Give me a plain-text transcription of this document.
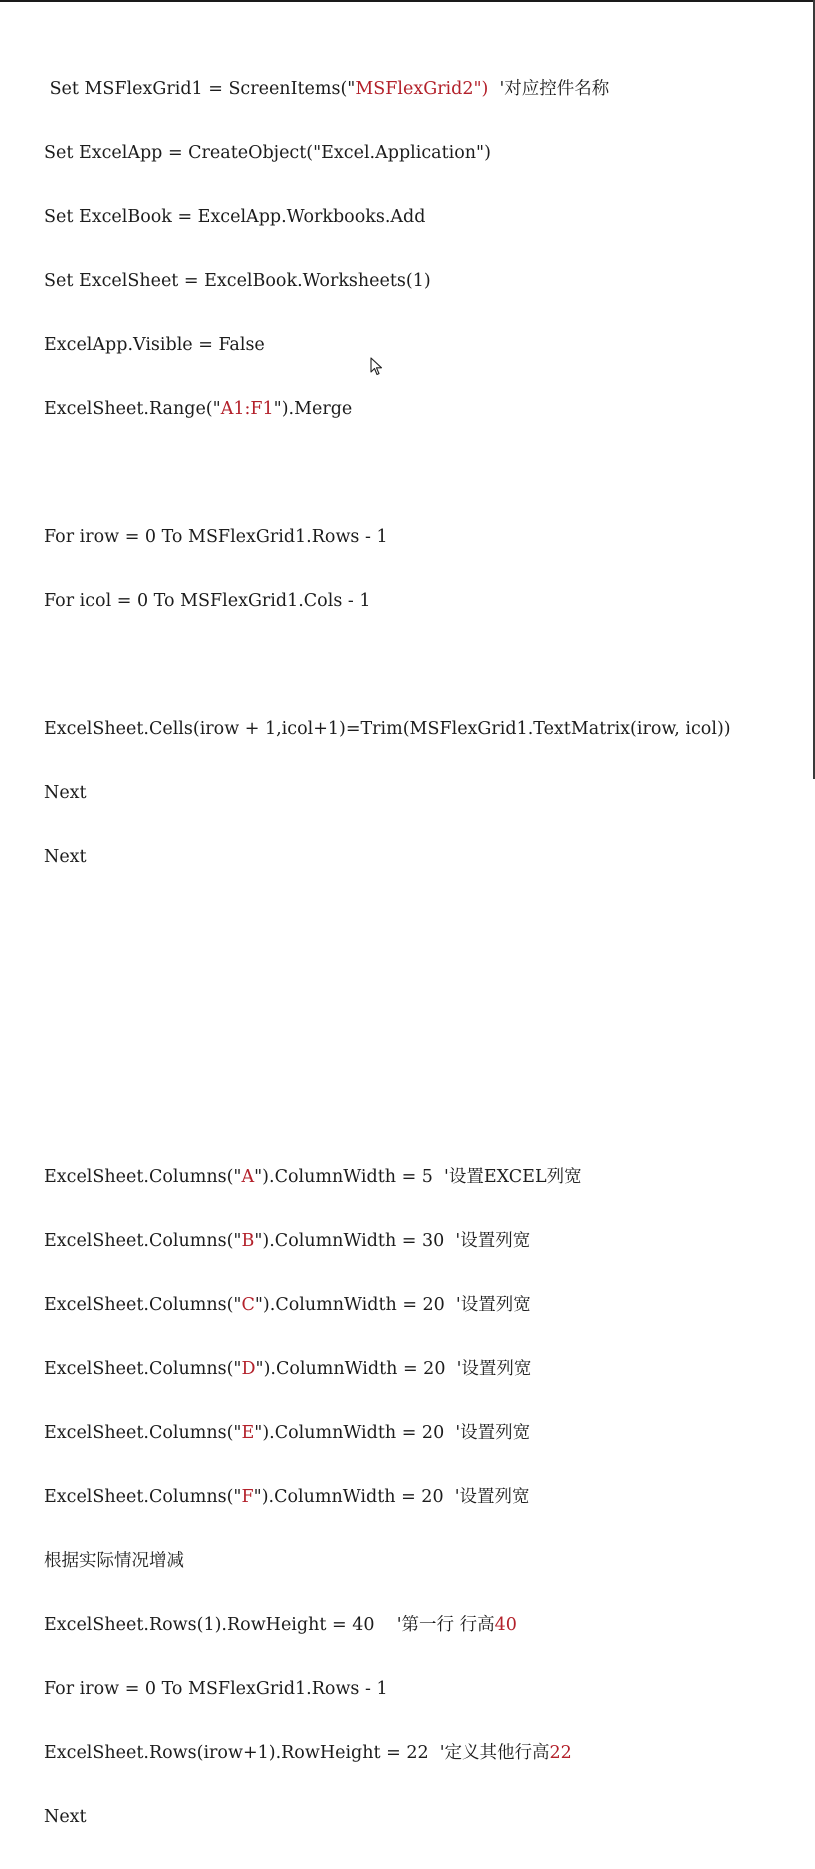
Set MSFlexGrid1 = ScreenItems("MSFlexGrid2")  '对应控件名称

Set ExcelApp = CreateObject("Excel.Application")

Set ExcelBook = ExcelApp.Workbooks.Add

Set ExcelSheet = ExcelBook.Worksheets(1)

ExcelApp.Visible = False

ExcelSheet.Range("A1:F1").Merge

For irow = 0 To MSFlexGrid1.Rows - 1

For icol = 0 To MSFlexGrid1.Cols - 1

ExcelSheet.Cells(irow + 1,icol+1)=Trim(MSFlexGrid1.TextMatrix(irow, icol))

Next

Next

ExcelSheet.Columns("A").ColumnWidth = 5  '设置EXCEL列宽

ExcelSheet.Columns("B").ColumnWidth = 30  '设置列宽

ExcelSheet.Columns("C").ColumnWidth = 20  '设置列宽

ExcelSheet.Columns("D").ColumnWidth = 20  '设置列宽

ExcelSheet.Columns("E").ColumnWidth = 20  '设置列宽

ExcelSheet.Columns("F").ColumnWidth = 20  '设置列宽

根据实际情况增减

ExcelSheet.Rows(1).RowHeight = 40    '第一行 行高40

For irow = 0 To MSFlexGrid1.Rows - 1

ExcelSheet.Rows(irow+1).RowHeight = 22  '定义其他行高22

Next
